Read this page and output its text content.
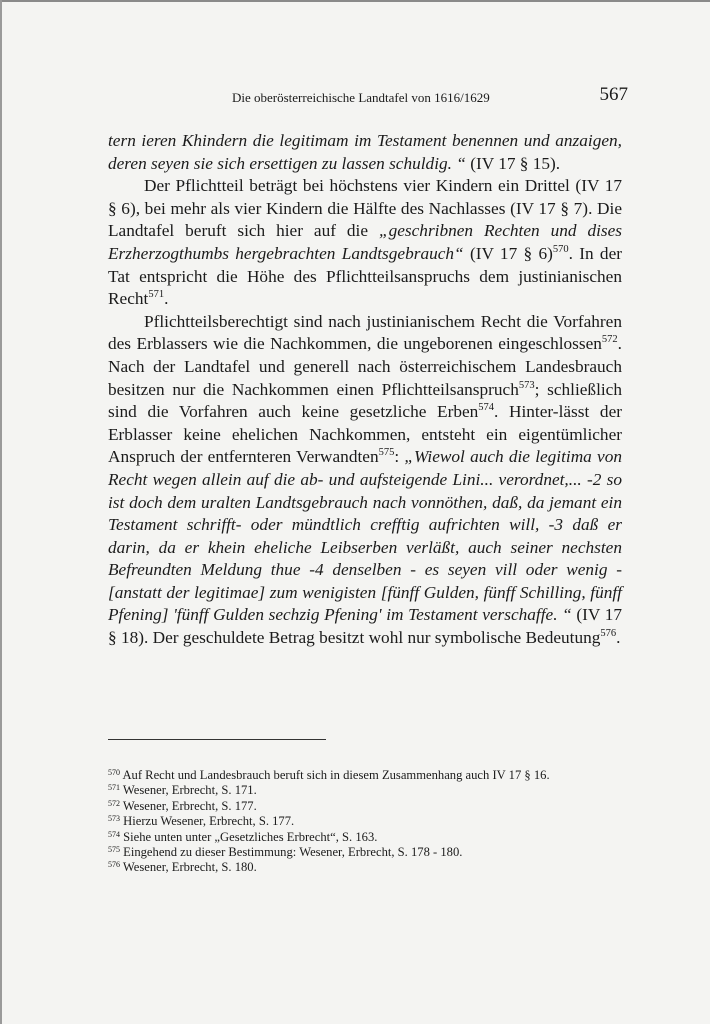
Die oberösterreichische Landtafel von 1616/1629	567

tern ieren Khindern die legitimam im Testament benennen und anzaigen, deren seyen sie sich ersettigen zu lassen schuldig. “ (IV 17 § 15).

Der Pflichtteil beträgt bei höchstens vier Kindern ein Drittel (IV 17 § 6), bei mehr als vier Kindern die Hälfte des Nachlasses (IV 17 § 7). Die Landtafel beruft sich hier auf die „geschribnen Rechten und dises Erzherzogthumbs hergebrachten Landtsgebrauch“ (IV 17 § 6)$^{570}$. In der Tat entspricht die Höhe des Pflichtteilsanspruchs dem justinianischen Recht$^{571}$.

Pflichtteilsberechtigt sind nach justinianischem Recht die Vorfahren des Erblassers wie die Nachkommen, die ungeborenen eingeschlossen$^{572}$. Nach der Landtafel und generell nach österreichischem Landesbrauch besitzen nur die Nachkommen einen Pflichtteilsanspruch$^{573}$; schließlich sind die Vorfahren auch keine gesetzliche Erben$^{574}$. Hinter-lässt der Erblasser keine ehelichen Nachkommen, entsteht ein eigentümlicher Anspruch der entfernteren Verwandten$^{575}$: „Wiewol auch die legitima von Recht wegen allein auf die ab- und aufsteigende Lini... verordnet,... -2 so ist doch dem uralten Landtsgebrauch nach vonnöthen, daß, da jemant ein Testament schrifft- oder mündtlich crefftig aufrichten will, -3 daß er darin, da er khein eheliche Leibserben verläßt, auch seiner nechsten Befreundten Meldung thue -4 denselben - es seyen vill oder wenig - [anstatt der legitimae] zum wenigisten [fünff Gulden, fünff Schilling, fünff Pfening] 'fünff Gulden sechzig Pfening' im Testament verschaffe. “ (IV 17 § 18). Der geschuldete Betrag besitzt wohl nur symbolische Bedeutung$^{576}$.

$^{570}$ Auf Recht und Landesbrauch beruft sich in diesem Zusammenhang auch IV 17 § 16.
$^{571}$ Wesener, Erbrecht, S. 171.
$^{572}$ Wesener, Erbrecht, S. 177.
$^{573}$ Hierzu Wesener, Erbrecht, S. 177.
$^{574}$ Siehe unten unter „Gesetzliches Erbrecht“, S. 163.
$^{575}$ Eingehend zu dieser Bestimmung: Wesener, Erbrecht, S. 178 - 180.
$^{576}$ Wesener, Erbrecht, S. 180.
